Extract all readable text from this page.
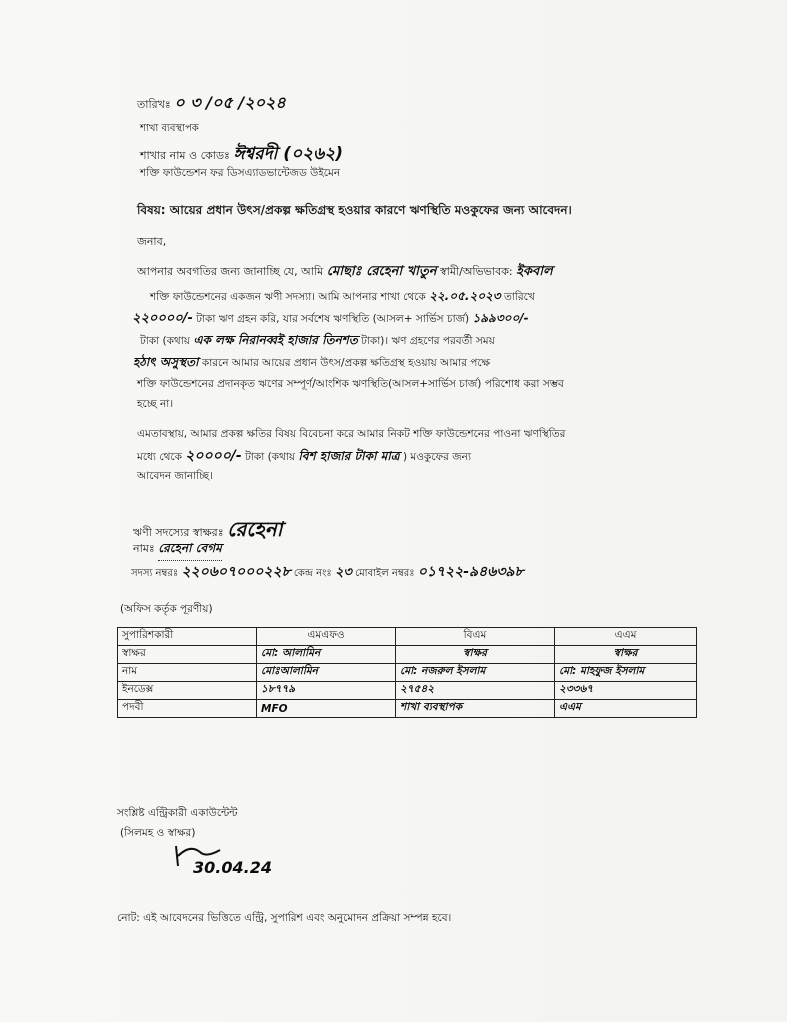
তারিখঃ ০ ৩ /০৫ /২০২৪
শাখা ব্যবস্থাপক
শাখার নাম ও কোডঃ ঈশ্বরদী (০২৬২)
শক্তি ফাউন্ডেশন ফর ডিসএ্যাডভান্টেজড উইমেন
বিষয়: আয়ের প্রধান উৎস/প্রকল্প ক্ষতিগ্রস্থ হওয়ার কারণে ঋণস্থিতি মওকুফের জন্য আবেদন।
জনাব,
আপনার অবগতির জন্য জানাচ্ছি যে, আমি মোছাঃ রেহেনা খাতুন স্বামী/অভিভাবক: ইকবাল
শক্তি ফাউন্ডেশনের একজন ঋণী সদস্যা। আমি আপনার শাখা থেকে ২২.০৫.২০২৩ তারিখে
২২০০০০/- টাকা ঋণ গ্রহন করি, যার সর্বশেষ ঋণস্থিতি (আসল+ সার্ভিস চার্জ) ১৯৯৩০০/-
টাকা (কথায় এক লক্ষ নিরানব্বই হাজার তিনশত টাকা)। ঋণ গ্রহণের পরবর্তী সময়
হঠাৎ অসুস্থতা কারনে আমার আয়ের প্রধান উৎস/প্রকল্প ক্ষতিগ্রস্থ হওয়ায় আমার পক্ষে
শক্তি ফাউন্ডেশনের প্রদানকৃত ঋণের সম্পূর্ণ/আংশিক ঋণস্থিতি(আসল+সার্ভিস চার্জ) পরিশোধ করা সম্ভব
হচ্ছে না।
এমতাবস্থায়, আমার প্রকল্প ক্ষতির বিষয় বিবেচনা করে আমার নিকট শক্তি ফাউন্ডেশনের পাওনা ঋণস্থিতির
মধ্যে থেকে ২০০০০/- টাকা (কথায় বিশ হাজার টাকা মাত্র ) মওকুফের জন্য
আবেদন জানাচ্ছি।
ঋণী সদস্যের স্বাক্ষরঃ রেহেনা
নামঃ রেহেনা বেগম
সদস্য নম্বরঃ ২২০৬০৭০০০২২৮ কেন্দ্র নংঃ ২৩ মোবাইল নম্বরঃ ০১৭২২-৯৪৬৩৯৮
(অফিস কর্তৃক পূরণীয়)
সুপারিশকারী	এমএফও	বিএম	এএম
স্বাক্ষর	মো: আলামিন	স্বাক্ষর	স্বাক্ষর
নাম	মোঃআলামিন	মো: নজরুল ইসলাম	মো: মাহফুজ ইসলাম
ইনডেক্স	১৮৭৭৯	২৭৫৪২	২৩৩৬৭
পদবী	MFO	শাখা ব্যবস্থাপক	এএম
সংশ্লিষ্ট এন্ট্রিকারী একাউন্টেন্ট
(সিলমহ ও স্বাক্ষর)
30.04.24
নোট: এই আবেদনের ভিত্তিতে এন্ট্রি, সুপারিশ এবং অনুমোদন প্রক্রিয়া সম্পন্ন হবে।
